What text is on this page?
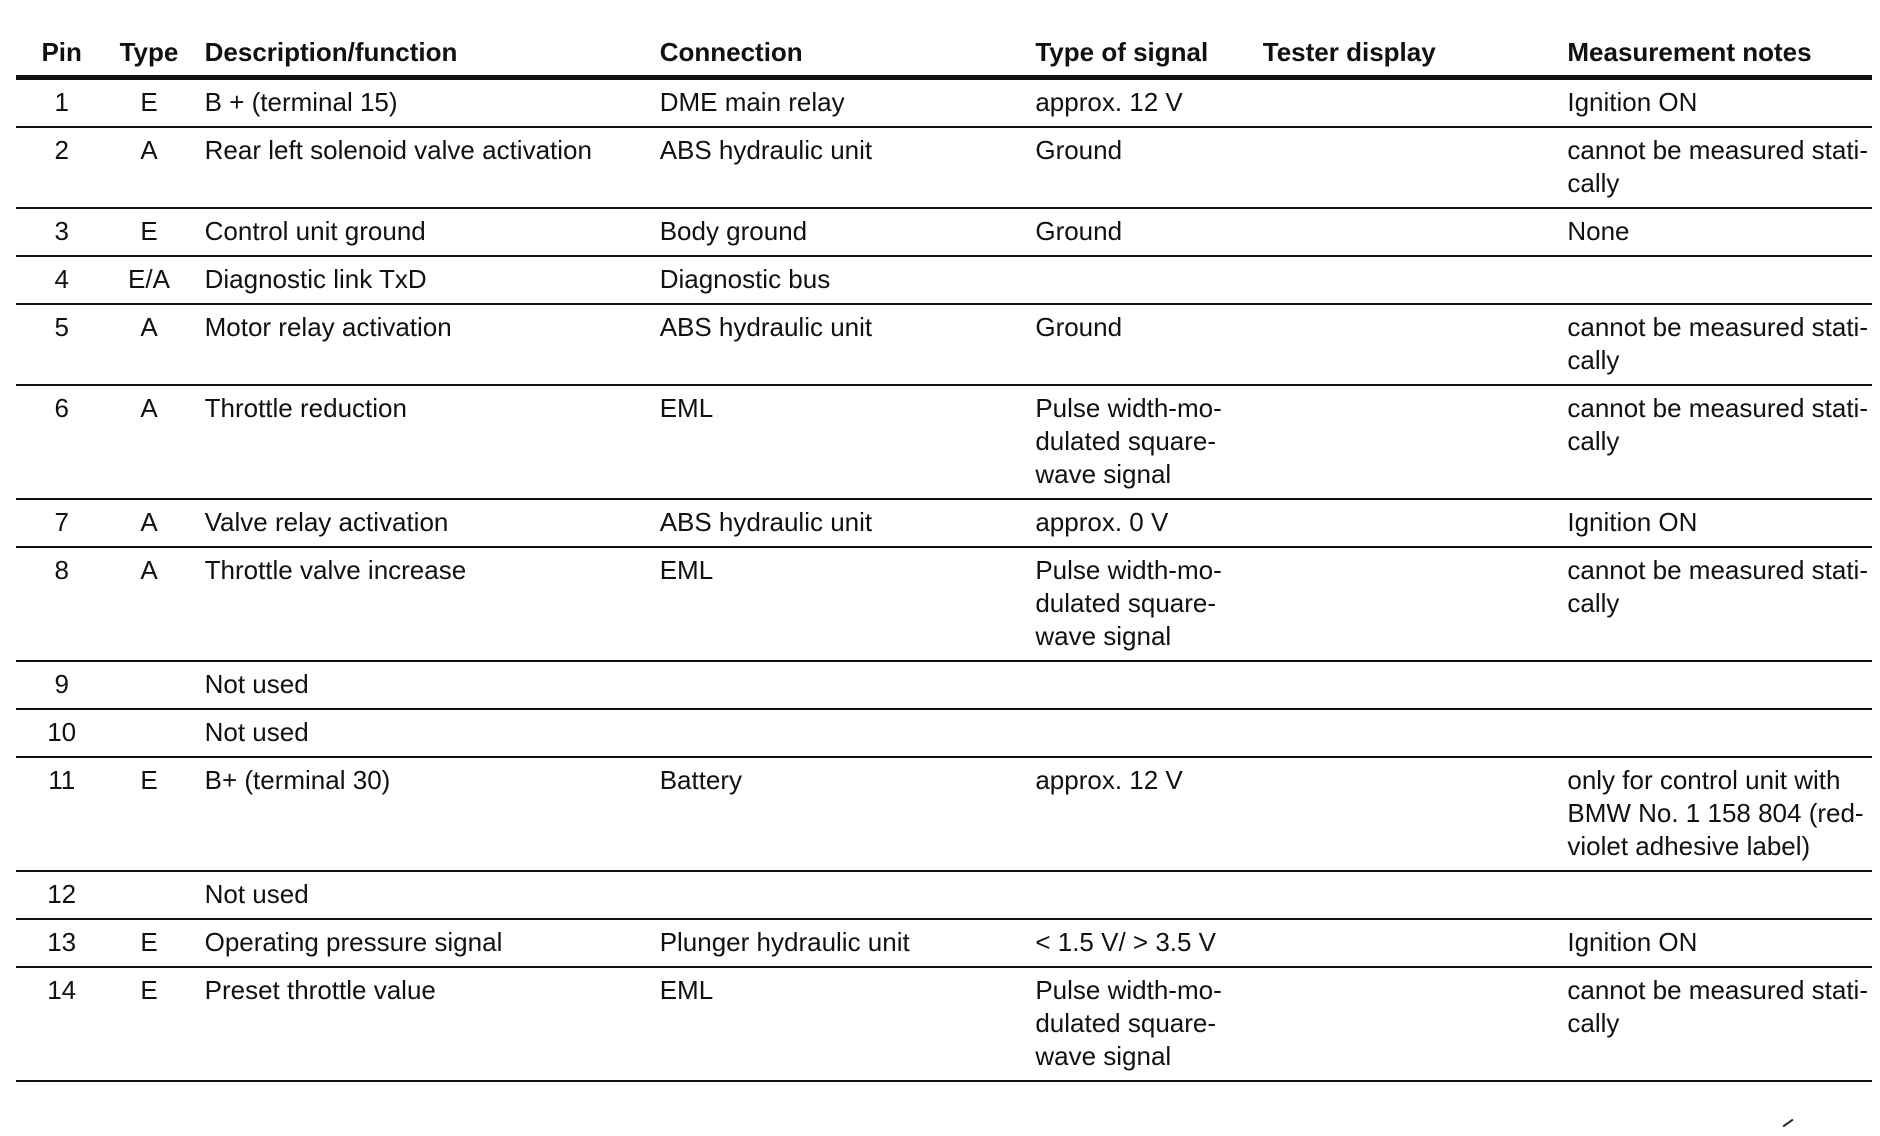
Pin	Type	Description/function	Connection	Type of signal	Tester display	Measurement notes
1	E	B + (terminal 15)	DME main relay	approx. 12 V		Ignition ON
2	A	Rear left solenoid valve activation	ABS hydraulic unit	Ground		cannot be measured stati-cally
3	E	Control unit ground	Body ground	Ground		None
4	E/A	Diagnostic link TxD	Diagnostic bus			
5	A	Motor relay activation	ABS hydraulic unit	Ground		cannot be measured stati-cally
6	A	Throttle reduction	EML	Pulse width-mo-dulated square-wave signal		cannot be measured stati-cally
7	A	Valve relay activation	ABS hydraulic unit	approx. 0 V		Ignition ON
8	A	Throttle valve increase	EML	Pulse width-mo-dulated square-wave signal		cannot be measured stati-cally
9		Not used				
10		Not used				
11	E	B+ (terminal 30)	Battery	approx. 12 V		only for control unit with BMW No. 1 158 804 (red-violet adhesive label)
12		Not used				
13	E	Operating pressure signal	Plunger hydraulic unit	< 1.5 V/ > 3.5 V		Ignition ON
14	E	Preset throttle value	EML	Pulse width-mo-dulated square-wave signal		cannot be measured stati-cally
